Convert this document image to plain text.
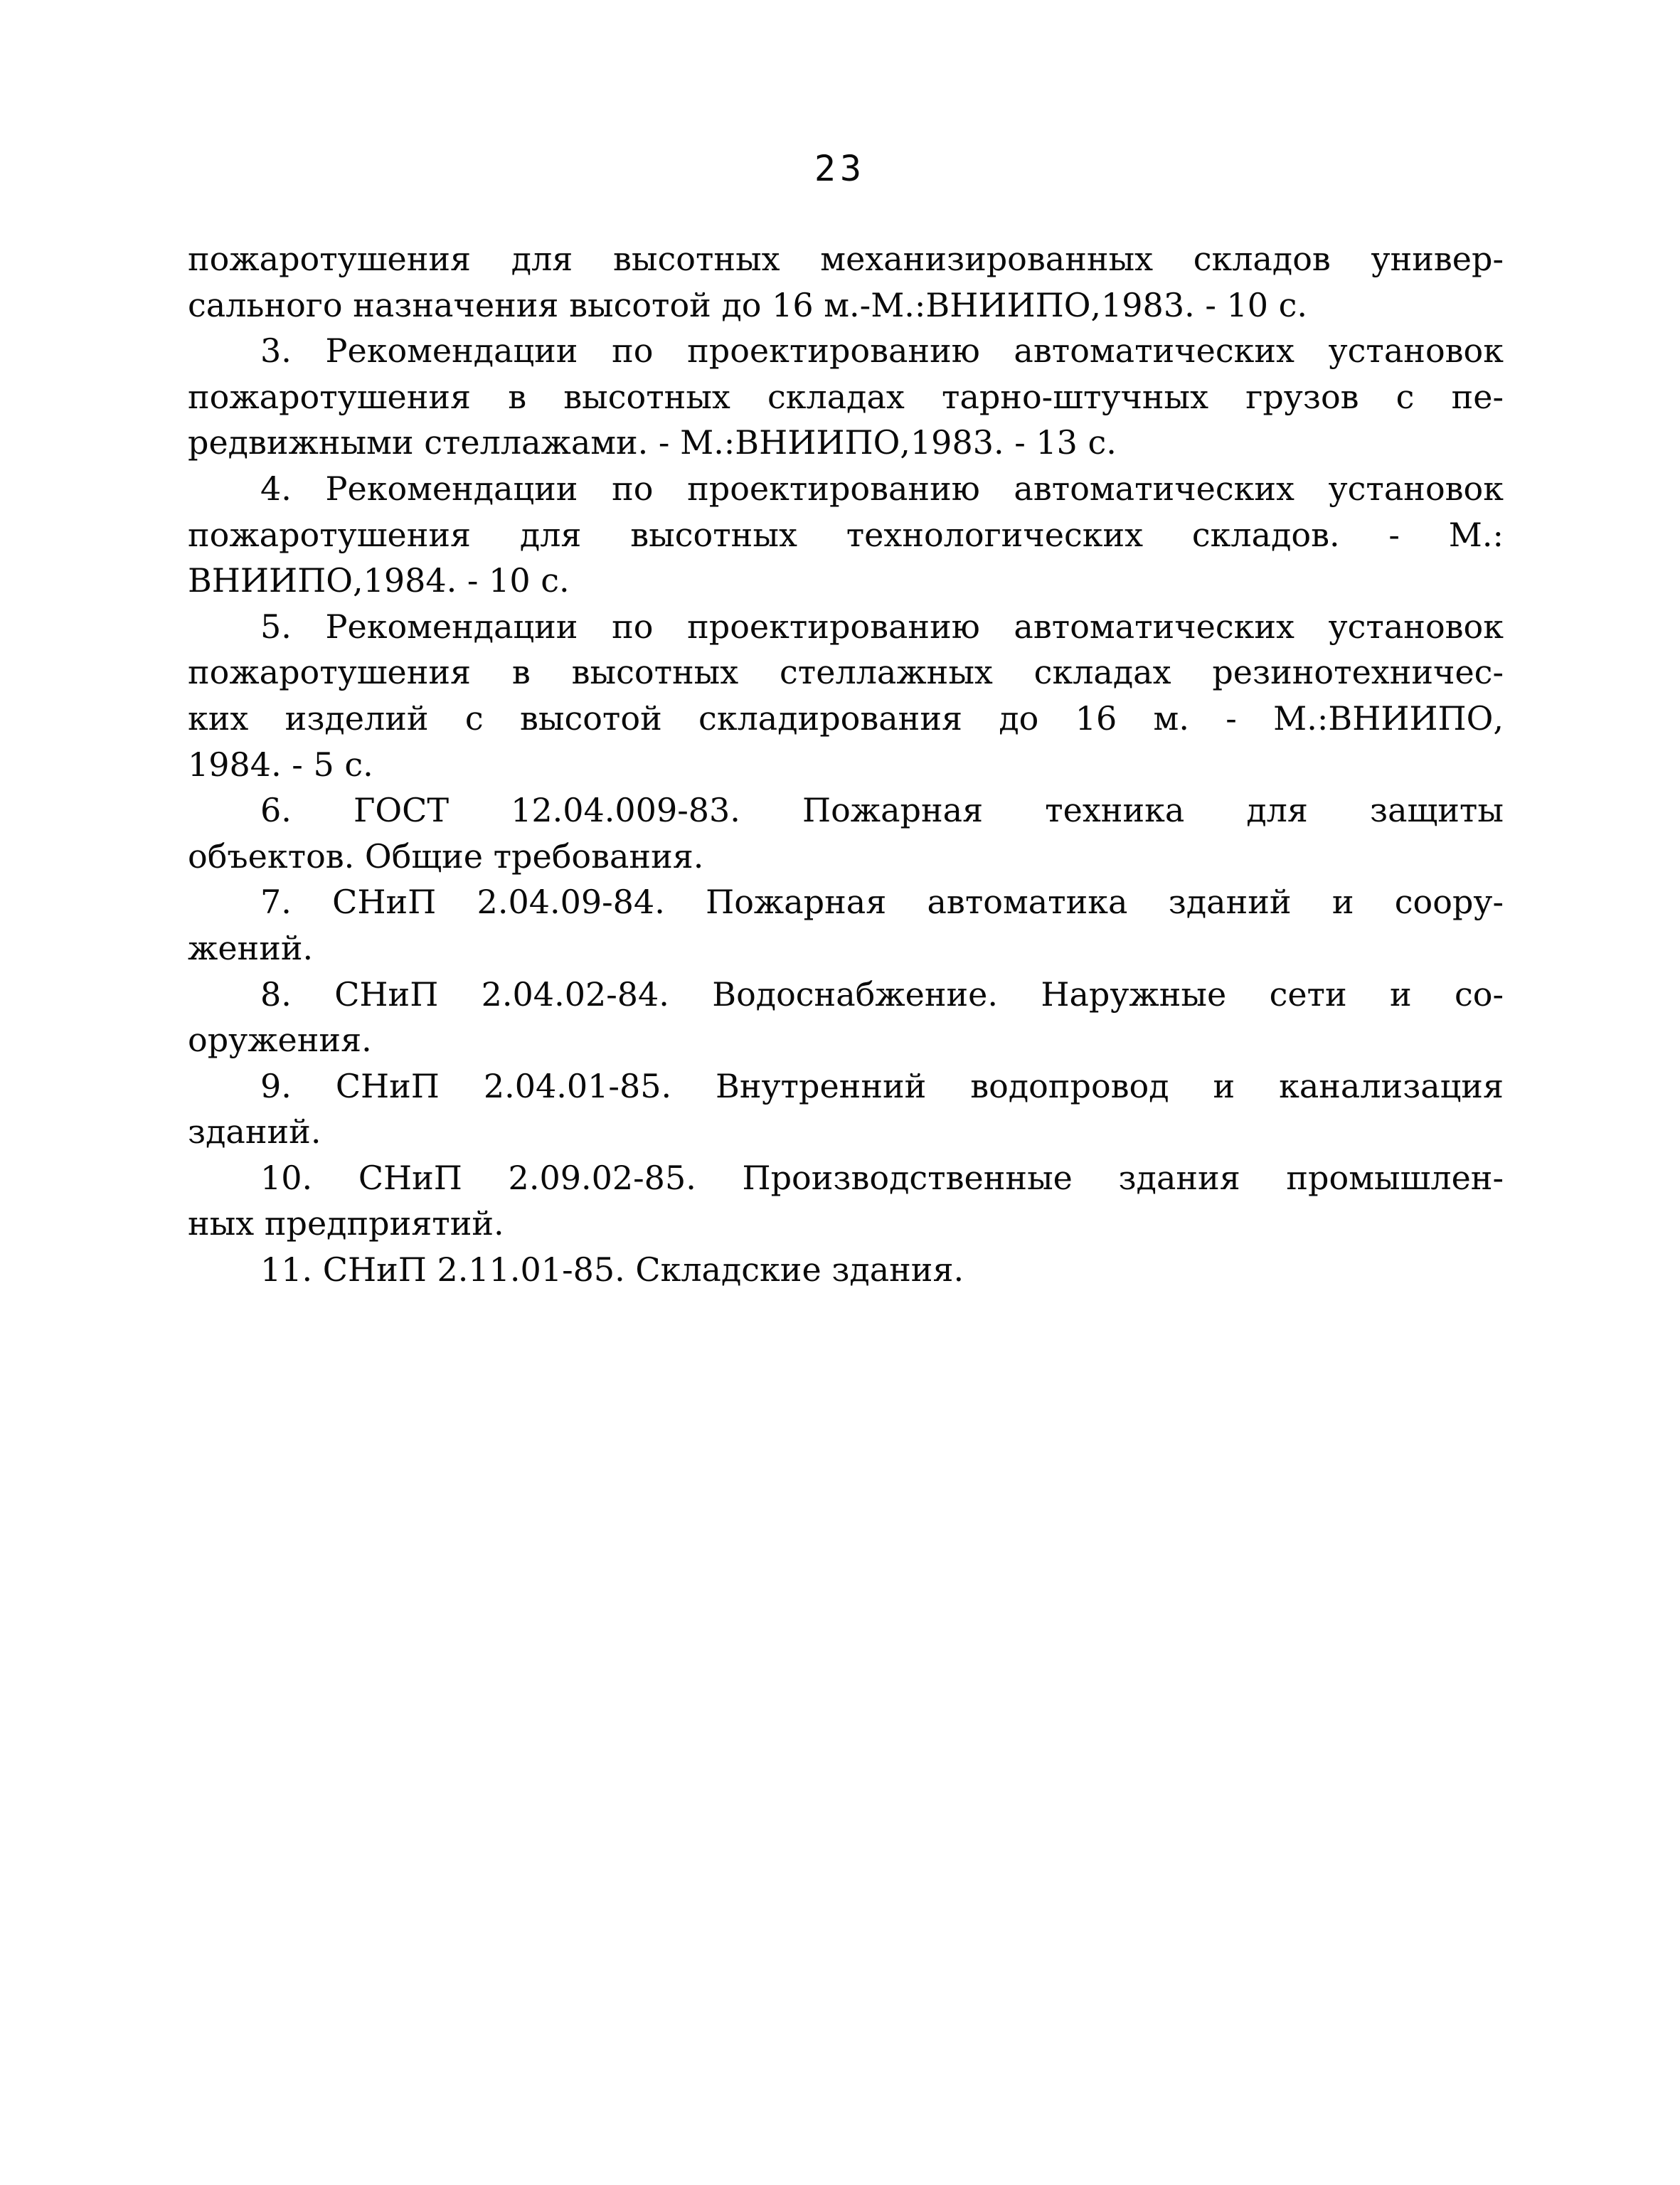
23
пожаротушения для высотных механизированных складов универ-
сального назначения высотой до 16 м.-М.:ВНИИПО,1983. - 10 с.
3. Рекомендации по проектированию автоматических установок
пожаротушения в высотных складах тарно-штучных грузов с пе-
редвижными стеллажами. - М.:ВНИИПО,1983. - 13 с.
4. Рекомендации по проектированию автоматических установок
пожаротушения для высотных технологических складов. - М.:
ВНИИПО,1984. - 10 с.
5. Рекомендации по проектированию автоматических установок
пожаротушения в высотных стеллажных складах резинотехничес-
ких изделий с высотой складирования до 16 м. - М.:ВНИИПО,
1984. - 5 с.
6. ГОСТ 12.04.009-83. Пожарная техника для защиты
объектов. Общие требования.
7. СНиП 2.04.09-84. Пожарная автоматика зданий и соору-
жений.
8. СНиП 2.04.02-84. Водоснабжение. Наружные сети и со-
оружения.
9. СНиП 2.04.01-85. Внутренний водопровод и канализация
зданий.
10. СНиП 2.09.02-85. Производственные здания промышлен-
ных предприятий.
11. СНиП 2.11.01-85. Складские здания.
